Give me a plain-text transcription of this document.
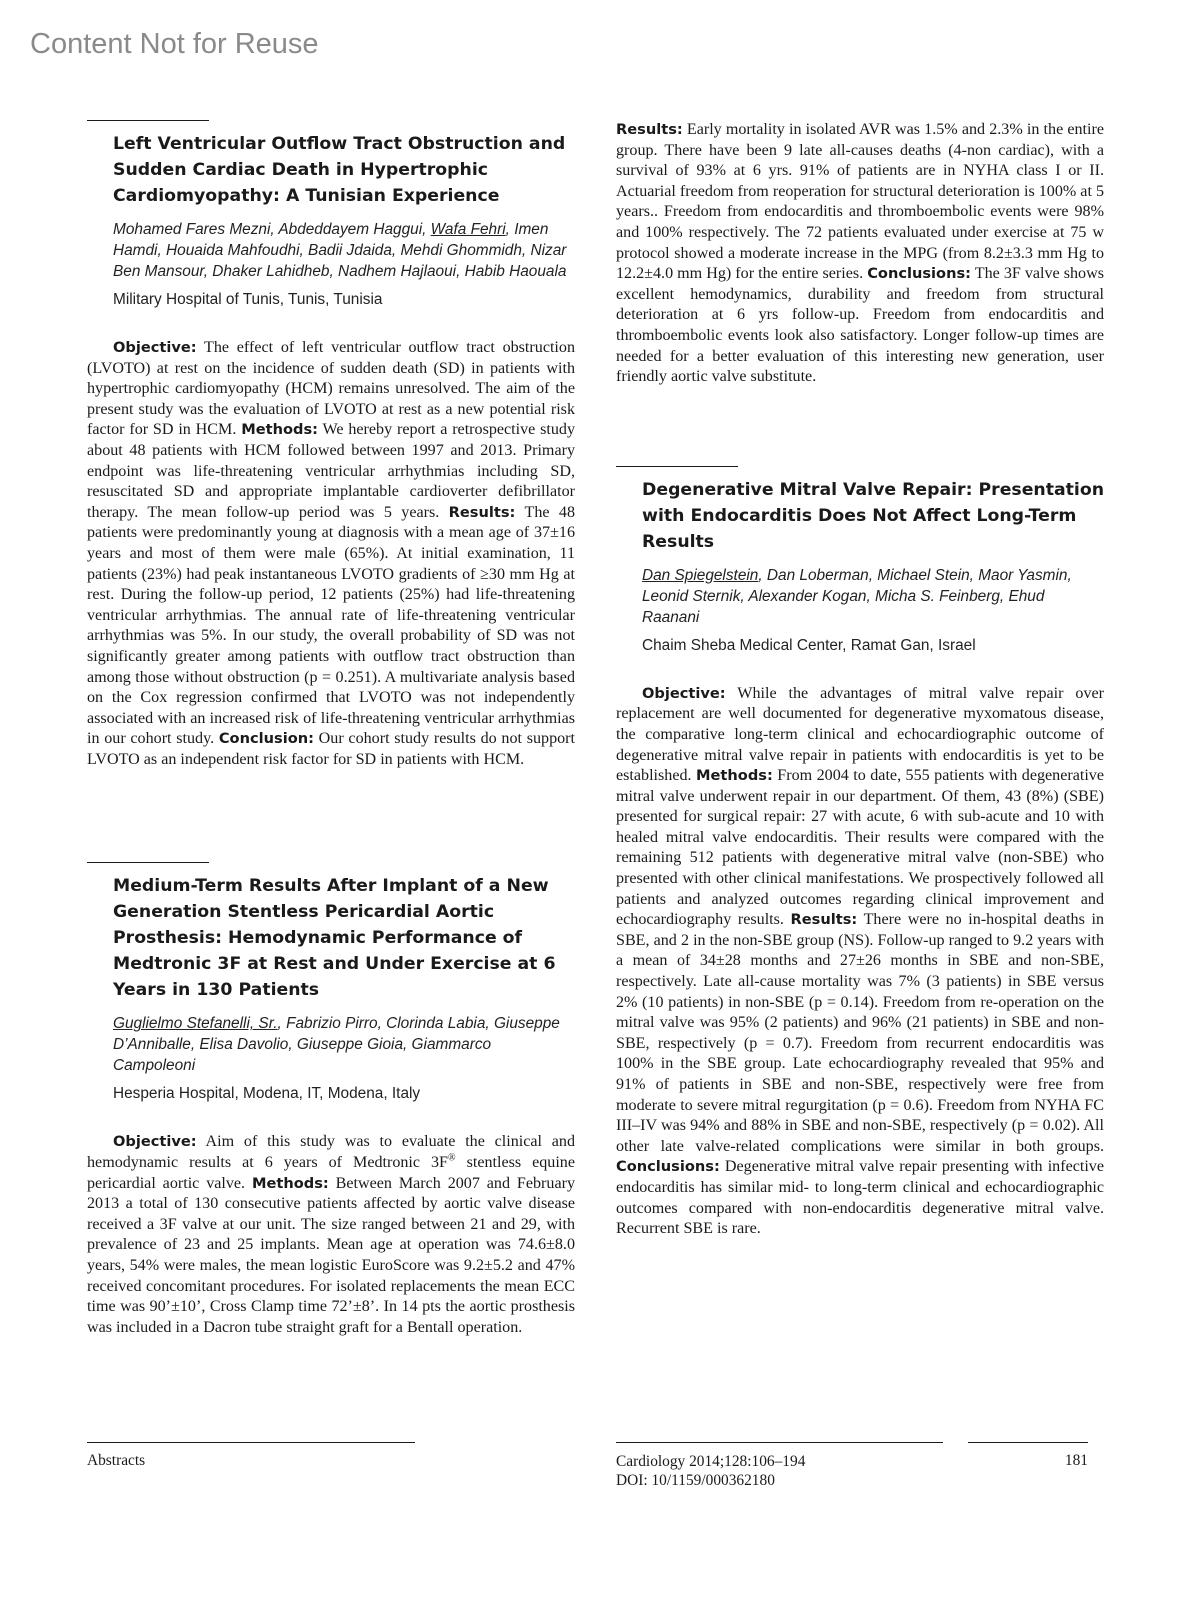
Content Not for Reuse
Left Ventricular Outflow Tract Obstruction and Sudden Cardiac Death in Hypertrophic Cardiomyopathy: A Tunisian Experience
Mohamed Fares Mezni, Abdeddayem Haggui, Wafa Fehri, Imen Hamdi, Houaida Mahfoudhi, Badii Jdaida, Mehdi Ghommidh, Nizar Ben Mansour, Dhaker Lahidheb, Nadhem Hajlaoui, Habib Haouala
Military Hospital of Tunis, Tunis, Tunisia

Objective: The effect of left ventricular outflow tract obstruction (LVOTO) at rest on the incidence of sudden death (SD) in patients with hypertrophic cardiomyopathy (HCM) remains unresolved. The aim of the present study was the evaluation of LVOTO at rest as a new potential risk factor for SD in HCM. Methods: We hereby report a retrospective study about 48 patients with HCM followed between 1997 and 2013. Primary endpoint was life-threatening ventricular arrhythmias including SD, resuscitated SD and appropriate implantable cardioverter defibrillator therapy. The mean follow-up period was 5 years. Results: The 48 patients were predominantly young at diagnosis with a mean age of 37±16 years and most of them were male (65%). At initial examination, 11 patients (23%) had peak instantaneous LVOTO gradients of ≥30 mm Hg at rest. During the follow-up period, 12 patients (25%) had life-threatening ventricular arrhythmias. The annual rate of life-threatening ventricular arrhythmias was 5%. In our study, the overall probability of SD was not significantly greater among patients with outflow tract obstruction than among those without obstruction (p = 0.251). A multivariate analysis based on the Cox regression confirmed that LVOTO was not independently associated with an increased risk of life-threatening ventricular arrhythmias in our cohort study. Conclusion: Our cohort study results do not support LVOTO as an independent risk factor for SD in patients with HCM.

Medium-Term Results After Implant of a New Generation Stentless Pericardial Aortic Prosthesis: Hemodynamic Performance of Medtronic 3F at Rest and Under Exercise at 6 Years in 130 Patients
Guglielmo Stefanelli, Sr., Fabrizio Pirro, Clorinda Labia, Giuseppe D’Anniballe, Elisa Davolio, Giuseppe Gioia, Giammarco Campoleoni
Hesperia Hospital, Modena, IT, Modena, Italy

Objective: Aim of this study was to evaluate the clinical and hemodynamic results at 6 years of Medtronic 3F® stentless equine pericardial aortic valve. Methods: Between March 2007 and February 2013 a total of 130 consecutive patients affected by aortic valve disease received a 3F valve at our unit. The size ranged between 21 and 29, with prevalence of 23 and 25 implants. Mean age at operation was 74.6±8.0 years, 54% were males, the mean logistic EuroScore was 9.2±5.2 and 47% received concomitant procedures. For isolated replacements the mean ECC time was 90’±10’, Cross Clamp time 72’±8’. In 14 pts the aortic prosthesis was included in a Dacron tube straight graft for a Bentall operation.

Results: Early mortality in isolated AVR was 1.5% and 2.3% in the entire group. There have been 9 late all-causes deaths (4-non cardiac), with a survival of 93% at 6 yrs. 91% of patients are in NYHA class I or II. Actuarial freedom from reoperation for structural deterioration is 100% at 5 years.. Freedom from endocarditis and thromboembolic events were 98% and 100% respectively. The 72 patients evaluated under exercise at 75 w protocol showed a moderate increase in the MPG (from 8.2±3.3 mm Hg to 12.2±4.0 mm Hg) for the entire series. Conclusions: The 3F valve shows excellent hemodynamics, durability and freedom from structural deterioration at 6 yrs follow-up. Freedom from endocarditis and thromboembolic events look also satisfactory. Longer follow-up times are needed for a better evaluation of this interesting new generation, user friendly aortic valve substitute.

Degenerative Mitral Valve Repair: Presentation with Endocarditis Does Not Affect Long-Term Results
Dan Spiegelstein, Dan Loberman, Michael Stein, Maor Yasmin, Leonid Sternik, Alexander Kogan, Micha S. Feinberg, Ehud Raanani
Chaim Sheba Medical Center, Ramat Gan, Israel

Objective: While the advantages of mitral valve repair over replacement are well documented for degenerative myxomatous disease, the comparative long-term clinical and echocardiographic outcome of degenerative mitral valve repair in patients with endocarditis is yet to be established. Methods: From 2004 to date, 555 patients with degenerative mitral valve underwent repair in our department. Of them, 43 (8%) (SBE) presented for surgical repair: 27 with acute, 6 with sub-acute and 10 with healed mitral valve endocarditis. Their results were compared with the remaining 512 patients with degenerative mitral valve (non-SBE) who presented with other clinical manifestations. We prospectively followed all patients and analyzed outcomes regarding clinical improvement and echocardiography results. Results: There were no in-hospital deaths in SBE, and 2 in the non-SBE group (NS). Follow-up ranged to 9.2 years with a mean of 34±28 months and 27±26 months in SBE and non-SBE, respectively. Late all-cause mortality was 7% (3 patients) in SBE versus 2% (10 patients) in non-SBE (p = 0.14). Freedom from re-operation on the mitral valve was 95% (2 patients) and 96% (21 patients) in SBE and non-SBE, respectively (p = 0.7). Freedom from recurrent endocarditis was 100% in the SBE group. Late echocardiography revealed that 95% and 91% of patients in SBE and non-SBE, respectively were free from moderate to severe mitral regurgitation (p = 0.6). Freedom from NYHA FC III–IV was 94% and 88% in SBE and non-SBE, respectively (p = 0.02). All other late valve-related complications were similar in both groups. Conclusions: Degenerative mitral valve repair presenting with infective endocarditis has similar mid- to long-term clinical and echocardiographic outcomes compared with non-endocarditis degenerative mitral valve. Recurrent SBE is rare.

Abstracts	Cardiology 2014;128:106–194
DOI: 10/1159/000362180
181
